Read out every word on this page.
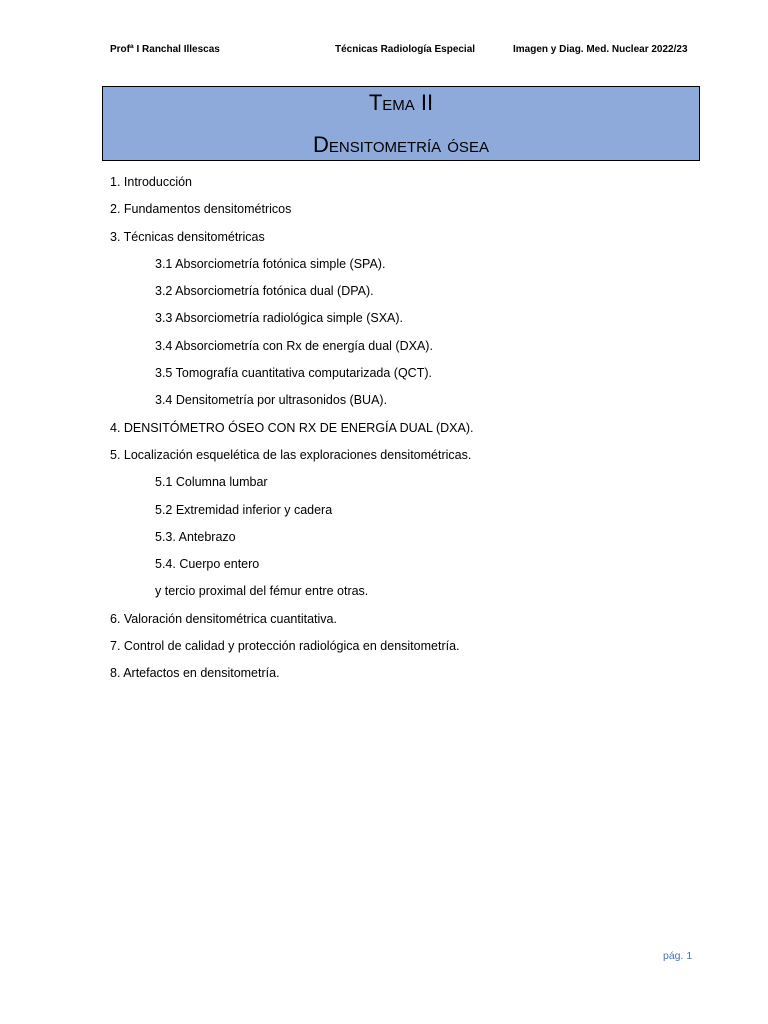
Profª I Ranchal Illescas	Técnicas Radiología Especial	Imagen y Diag. Med. Nuclear 2022/23
Tema II
Densitometría ósea
1. Introducción
2. Fundamentos densitométricos
3. Técnicas densitométricas
3.1 Absorciometría fotónica simple (SPA).
3.2 Absorciometría fotónica dual (DPA).
3.3 Absorciometría radiológica simple (SXA).
3.4 Absorciometría con Rx de energía dual (DXA).
3.5 Tomografía cuantitativa computarizada (QCT).
3.4 Densitometría por ultrasonidos (BUA).
4. DENSITÓMETRO ÓSEO CON RX DE ENERGÍA DUAL (DXA).
5. Localización esquelética de las exploraciones densitométricas.
5.1 Columna lumbar
5.2 Extremidad inferior y cadera
5.3. Antebrazo
5.4. Cuerpo entero
y tercio proximal del fémur entre otras.
6. Valoración densitométrica cuantitativa.
7. Control de calidad y protección radiológica en densitometría.
8. Artefactos en densitometría.
pág. 1
